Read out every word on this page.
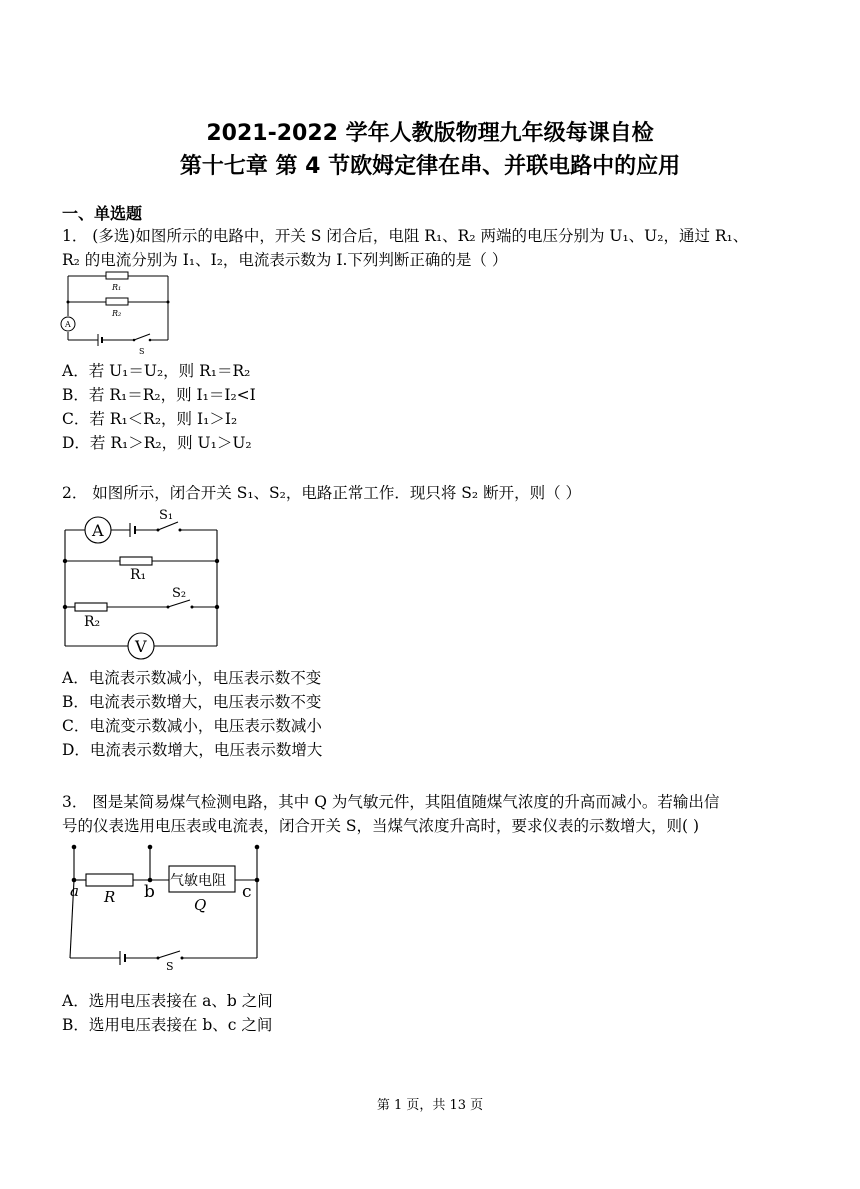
2021-2022 学年人教版物理九年级每课自检
第十七章 第 4 节欧姆定律在串、并联电路中的应用
一、单选题
1． (多选)如图所示的电路中，开关 S 闭合后，电阻 R₁、R₂ 两端的电压分别为 U₁、U₂，通过 R₁、
R₂ 的电流分别为 I₁、I₂，电流表示数为 I.下列判断正确的是（ ）
R₁
R₂
A
S
A．若 U₁＝U₂，则 R₁＝R₂
B．若 R₁＝R₂，则 I₁＝I₂<I
C．若 R₁＜R₂，则 I₁＞I₂
D．若 R₁＞R₂，则 U₁＞U₂
2． 如图所示，闭合开关 S₁、S₂，电路正常工作．现只将 S₂ 断开，则（ ）
A
S₁
R₁
S₂
R₂
V
A．电流表示数减小，电压表示数不变
B．电流表示数增大，电压表示数不变
C．电流变示数减小，电压表示数减小
D．电流表示数增大，电压表示数增大
3． 图是某简易煤气检测电路，其中 Q 为气敏元件，其阻值随煤气浓度的升高而减小。若输出信
号的仪表选用电压表或电流表，闭合开关 S，当煤气浓度升高时，要求仪表的示数增大，则( )
a R b
气敏电阻
Q
c
S
A．选用电压表接在 a、b 之间
B．选用电压表接在 b、c 之间
第 1 页，共 13 页
